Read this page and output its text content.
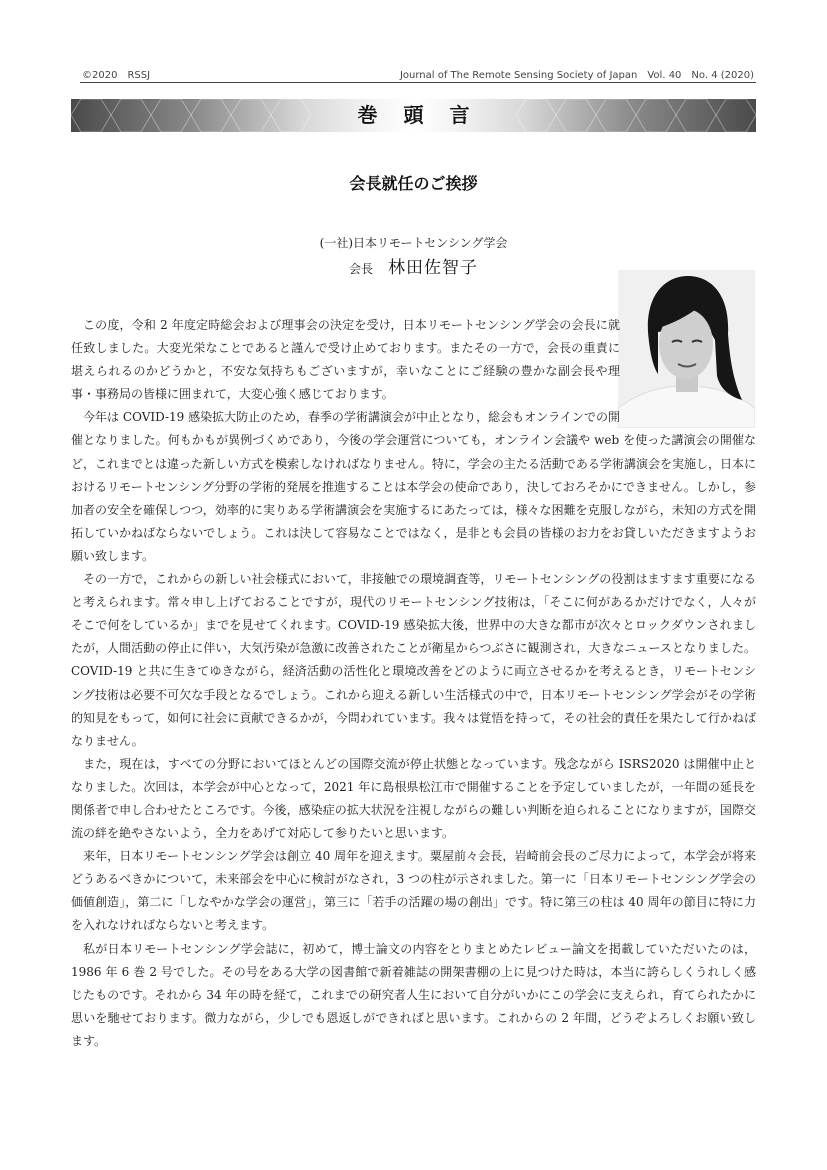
©2020　RSSJ	Journal of The Remote Sensing Society of Japan　Vol. 40　No. 4 (2020)
巻頭言
会長就任のご挨拶
(一社)日本リモートセンシング学会
会長 林田佐智子

この度，令和 2 年度定時総会および理事会の決定を受け，日本リモートセンシング学会の会長に就任致しました。大変光栄なことであると謹んで受け止めております。またその一方で，会長の重責に堪えられるのかどうかと，不安な気持ちもございますが，幸いなことにご経験の豊かな副会長や理事・事務局の皆様に囲まれて，大変心強く感じております。

今年は COVID-19 感染拡大防止のため，春季の学術講演会が中止となり，総会もオンラインでの開催となりました。何もかもが異例づくめであり，今後の学会運営についても，オンライン会議や web を使った講演会の開催など，これまでとは違った新しい方式を模索しなければなりません。特に，学会の主たる活動である学術講演会を実施し，日本におけるリモートセンシング分野の学術的発展を推進することは本学会の使命であり，決しておろそかにできません。しかし，参加者の安全を確保しつつ，効率的に実りある学術講演会を実施するにあたっては，様々な困難を克服しながら，未知の方式を開拓していかねばならないでしょう。これは決して容易なことではなく，是非とも会員の皆様のお力をお貸しいただきますようお願い致します。

その一方で，これからの新しい社会様式において，非接触での環境調査等，リモートセンシングの役割はますます重要になると考えられます。常々申し上げておることですが，現代のリモートセンシング技術は，「そこに何があるかだけでなく，人々がそこで何をしているか」までを見せてくれます。COVID-19 感染拡大後，世界中の大きな都市が次々とロックダウンされましたが，人間活動の停止に伴い，大気汚染が急激に改善されたことが衛星からつぶさに観測され，大きなニュースとなりました。COVID-19 と共に生きてゆきながら，経済活動の活性化と環境改善をどのように両立させるかを考えるとき，リモートセンシング技術は必要不可欠な手段となるでしょう。これから迎える新しい生活様式の中で，日本リモートセンシング学会がその学術的知見をもって，如何に社会に貢献できるかが，今問われています。我々は覚悟を持って，その社会的責任を果たして行かねばなりません。

また，現在は，すべての分野においてほとんどの国際交流が停止状態となっています。残念ながら ISRS2020 は開催中止となりました。次回は，本学会が中心となって，2021 年に島根県松江市で開催することを予定していましたが，一年間の延長を関係者で申し合わせたところです。今後，感染症の拡大状況を注視しながらの難しい判断を迫られることになりますが，国際交流の絆を絶やさないよう，全力をあげて対応して参りたいと思います。

来年，日本リモートセンシング学会は創立 40 周年を迎えます。粟屋前々会長，岩崎前会長のご尽力によって，本学会が将来どうあるべきかについて，未来部会を中心に検討がなされ，3 つの柱が示されました。第一に「日本リモートセンシング学会の価値創造」，第二に「しなやかな学会の運営」，第三に「若手の活躍の場の創出」です。特に第三の柱は 40 周年の節目に特に力を入れなければならないと考えます。

私が日本リモートセンシング学会誌に，初めて，博士論文の内容をとりまとめたレビュー論文を掲載していただいたのは，1986 年 6 巻 2 号でした。その号をある大学の図書館で新着雑誌の開架書棚の上に見つけた時は，本当に誇らしくうれしく感じたものです。それから 34 年の時を経て，これまでの研究者人生において自分がいかにこの学会に支えられ，育てられたかに思いを馳せております。微力ながら，少しでも恩返しができればと思います。これからの 2 年間，どうぞよろしくお願い致します。
